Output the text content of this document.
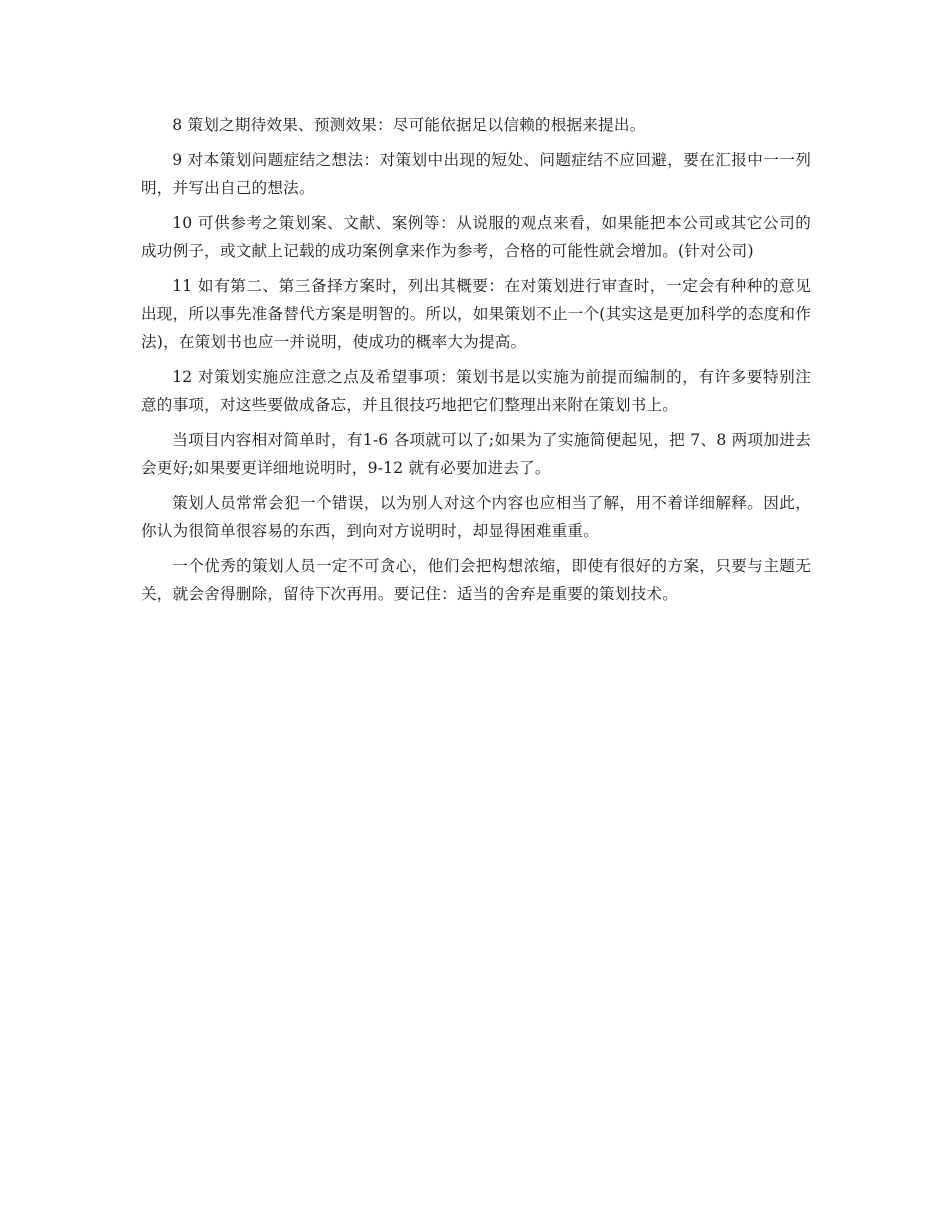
8 策划之期待效果、预测效果：尽可能依据足以信赖的根据来提出。

9 对本策划问题症结之想法：对策划中出现的短处、问题症结不应回避，要在汇报中一一列明，并写出自己的想法。

10 可供参考之策划案、文献、案例等：从说服的观点来看，如果能把本公司或其它公司的成功例子，或文献上记载的成功案例拿来作为参考，合格的可能性就会增加。(针对公司)

11 如有第二、第三备择方案时，列出其概要：在对策划进行审查时，一定会有种种的意见出现，所以事先准备替代方案是明智的。所以，如果策划不止一个(其实这是更加科学的态度和作法)，在策划书也应一并说明，使成功的概率大为提高。

12 对策划实施应注意之点及希望事项：策划书是以实施为前提而编制的，有许多要特别注意的事项，对这些要做成备忘，并且很技巧地把它们整理出来附在策划书上。

当项目内容相对简单时，有1-6 各项就可以了;如果为了实施简便起见，把 7、8 两项加进去会更好;如果要更详细地说明时，9-12 就有必要加进去了。

策划人员常常会犯一个错误，以为别人对这个内容也应相当了解，用不着详细解释。因此，你认为很简单很容易的东西，到向对方说明时，却显得困难重重。

一个优秀的策划人员一定不可贪心，他们会把构想浓缩，即使有很好的方案，只要与主题无关，就会舍得删除，留待下次再用。要记住：适当的舍弃是重要的策划技术。
